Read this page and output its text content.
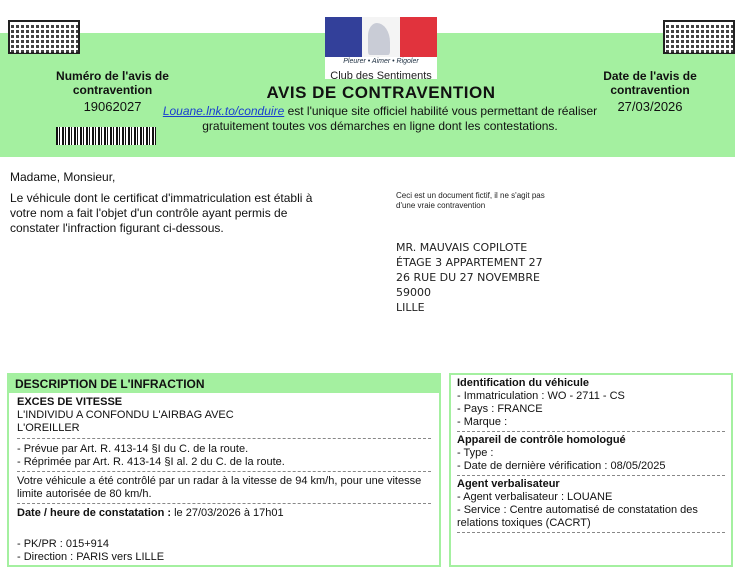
Pleurer • Aimer • Rigoler
Club des Sentiments
Numéro de l'avis de contravention
19062027
Date de l'avis de contravention
27/03/2026
AVIS DE CONTRAVENTION
Louane.lnk.to/conduire est l'unique site officiel habilité vous permettant de réaliser gratuitement toutes vos démarches en ligne dont les contestations.
Madame, Monsieur,
Le véhicule dont le certificat d'immatriculation est établi à votre nom a fait l'objet d'un contrôle ayant permis de constater l'infraction figurant ci-dessous.
Ceci est un document fictif, il ne s'agit pas d'une vraie contravention
MR. MAUVAIS COPILOTE
ÉTAGE 3 APPARTEMENT 27
26 RUE DU 27 NOVEMBRE
59000
LILLE
DESCRIPTION DE L'INFRACTION
EXCES DE VITESSE
L'INDIVIDU A CONFONDU L'AIRBAG AVEC L'OREILLER
- Prévue par Art. R. 413-14 §I du C. de la route.
- Réprimée par Art. R. 413-14 §I al. 2 du C. de la route.
Votre véhicule a été contrôlé par un radar à la vitesse de 94 km/h, pour une vitesse limite autorisée de 80 km/h.
Date / heure de constatation : le 27/03/2026 à 17h01
- PK/PR : 015+914
- Direction : PARIS vers LILLE
Identification du véhicule
- Immatriculation : WO - 2711 - CS
- Pays : FRANCE
- Marque :
Appareil de contrôle homologué
- Type :
- Date de dernière vérification : 08/05/2025
Agent verbalisateur
- Agent verbalisateur : LOUANE
- Service : Centre automatisé de constatation des relations toxiques (CACRT)
